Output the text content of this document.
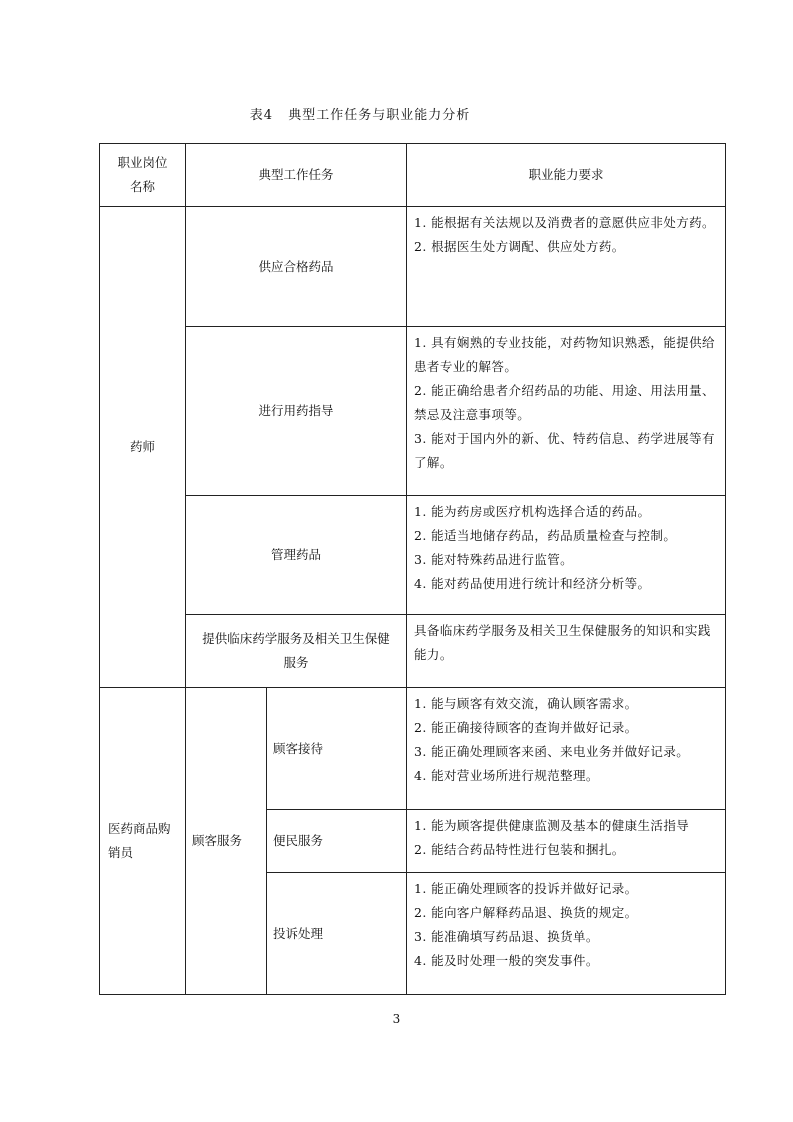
表4 典型工作任务与职业能力分析
职业岗位名称	典型工作任务		职业能力要求
药师	供应合格药品		1. 能根据有关法规以及消费者的意愿供应非处方药。
2. 根据医生处方调配、供应处方药。

	进行用药指导		1. 具有娴熟的专业技能，对药物知识熟悉，能提供给患者专业的解答。
2. 能正确给患者介绍药品的功能、用途、用法用量、禁忌及注意事项等。
3. 能对于国内外的新、优、特药信息、药学进展等有了解。

	管理药品		1. 能为药房或医疗机构选择合适的药品。
2. 能适当地储存药品，药品质量检查与控制。
3. 能对特殊药品进行监管。
4. 能对药品使用进行统计和经济分析等。

	提供临床药学服务及相关卫生保健服务		具备临床药学服务及相关卫生保健服务的知识和实践能力。

医药商品购销员	顾客服务	顾客接待	1. 能与顾客有效交流，确认顾客需求。
2. 能正确接待顾客的查询并做好记录。
3. 能正确处理顾客来函、来电业务并做好记录。
4. 能对营业场所进行规范整理。

		便民服务	1. 能为顾客提供健康监测及基本的健康生活指导
2. 能结合药品特性进行包装和捆扎。

		投诉处理	1. 能正确处理顾客的投诉并做好记录。
2. 能向客户解释药品退、换货的规定。
3. 能准确填写药品退、换货单。
4. 能及时处理一般的突发事件。
3
